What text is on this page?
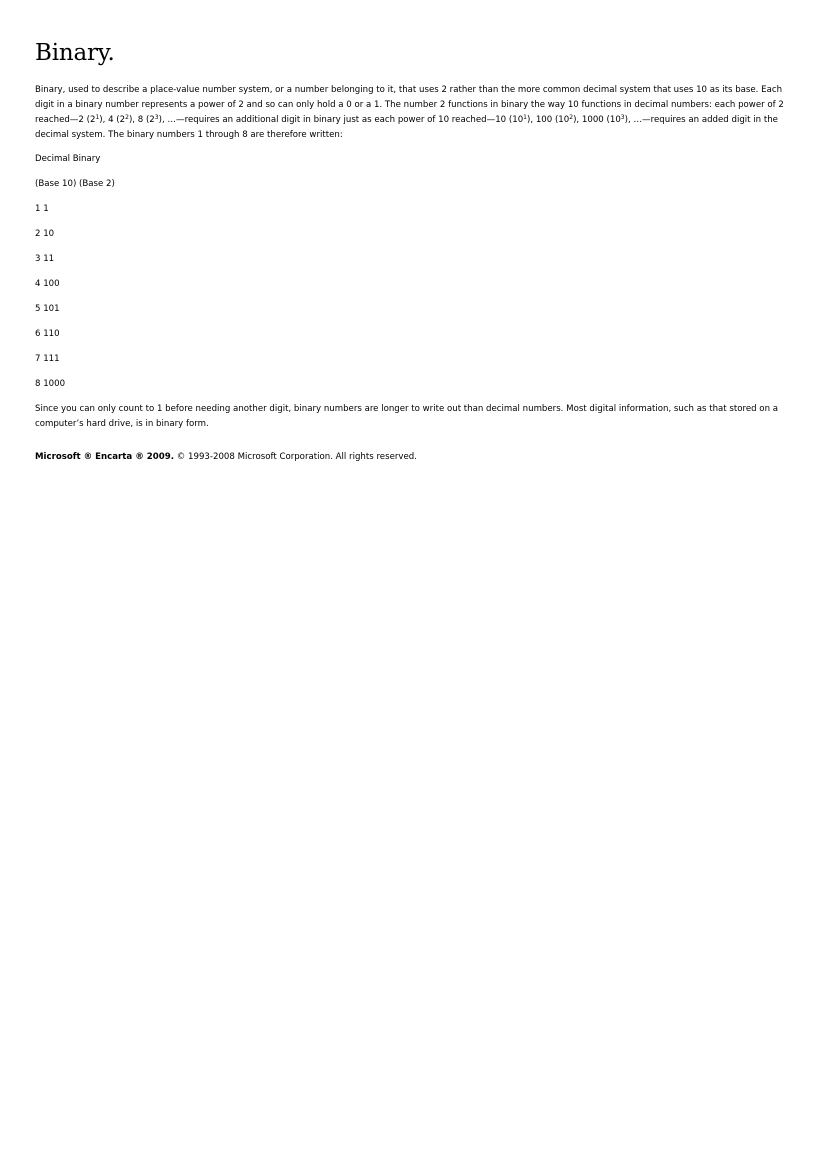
Binary.

Binary, used to describe a place-value number system, or a number belonging to it, that uses 2 rather than the more common decimal system that uses 10 as its base. Each digit in a binary number represents a power of 2 and so can only hold a 0 or a 1. The number 2 functions in binary the way 10 functions in decimal numbers: each power of 2 reached—2 $(2^1)$, 4 $(2^2)$, 8 $(2^3)$, …—requires an additional digit in binary just as each power of 10 reached—10 $(10^1)$, 100 $(10^2)$, 1000 $(10^3)$, …—requires an added digit in the decimal system. The binary numbers 1 through 8 are therefore written:

Decimal Binary

(Base 10) (Base 2)

1 1

2 10

3 11

4 100

5 101

6 110

7 111

8 1000

Since you can only count to 1 before needing another digit, binary numbers are longer to write out than decimal numbers. Most digital information, such as that stored on a computer’s hard drive, is in binary form.

Microsoft ® Encarta ® 2009. © 1993-2008 Microsoft Corporation. All rights reserved.
